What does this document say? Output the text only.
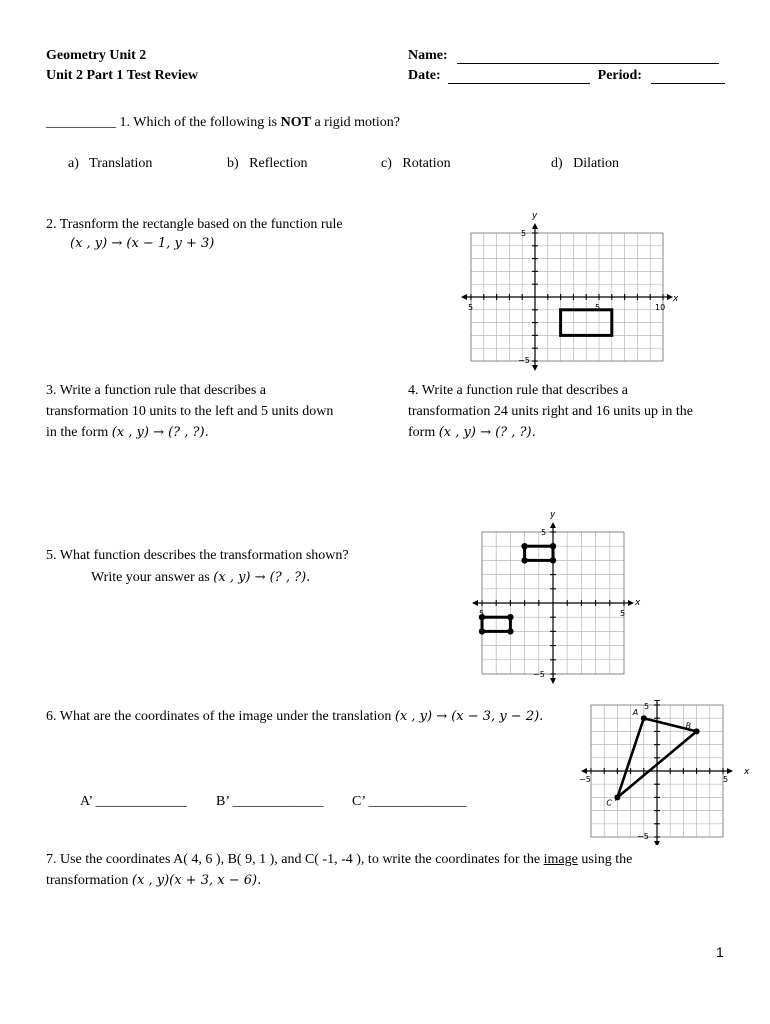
Geometry Unit 2
Unit 2 Part 1 Test Review
Name:
Date:	Period:
__________ 1. Which of the following is NOT a rigid motion?
a) Translation	b) Reflection	c) Rotation	d) Dilation
2. Trasnform the rectangle based on the function rule
(x , y) → (x − 1, y + 3)
y
x
5
−5
5	5	10
3. Write a function rule that describes a
transformation 10 units to the left and 5 units down
in the form (x , y) → (? , ?).
4. Write a function rule that describes a
transformation 24 units right and 16 units up in the
form (x , y) → (? , ?).
5. What function describes the transformation shown?
Write your answer as (x , y) → (? , ?).
y
x
5
−5
5	5
6. What are the coordinates of the image under the translation (x , y) → (x − 3, y − 2).
A’ _____________ B’ _____________ C’ ______________
A
B
C
x
5
−5
−5	5
7. Use the coordinates A( 4, 6 ), B( 9, 1 ), and C( -1, -4 ), to write the coordinates for the image using the
transformation (x , y)(x + 3, x − 6).
1
